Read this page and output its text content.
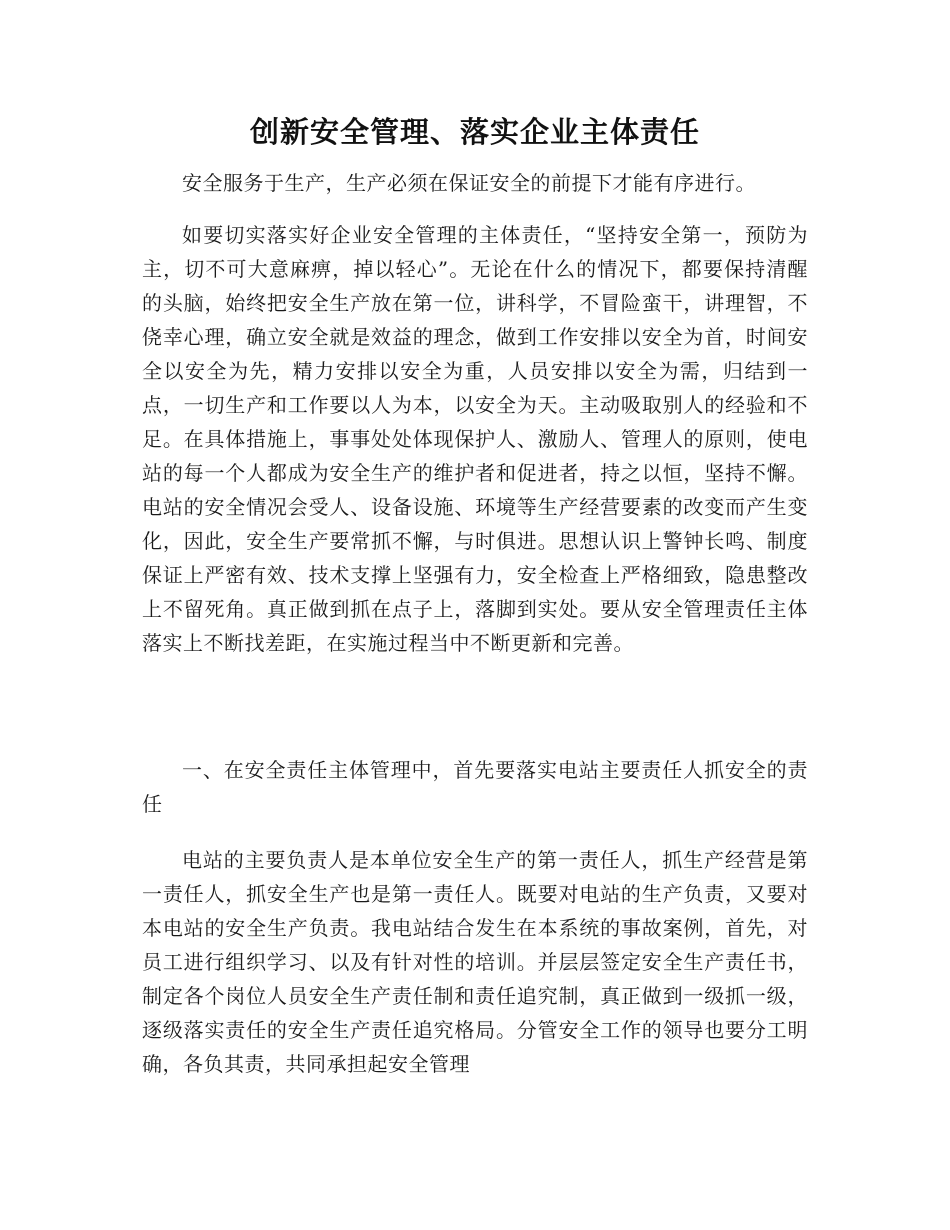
创新安全管理、落实企业主体责任

安全服务于生产，生产必须在保证安全的前提下才能有序进行。

如要切实落实好企业安全管理的主体责任，“坚持安全第一，预防为主，切不可大意麻痹，掉以轻心”。无论在什么的情况下，都要保持清醒的头脑，始终把安全生产放在第一位，讲科学，不冒险蛮干，讲理智，不侥幸心理，确立安全就是效益的理念，做到工作安排以安全为首，时间安全以安全为先，精力安排以安全为重，人员安排以安全为需，归结到一点，一切生产和工作要以人为本，以安全为天。主动吸取别人的经验和不足。在具体措施上，事事处处体现保护人、激励人、管理人的原则，使电站的每一个人都成为安全生产的维护者和促进者，持之以恒，坚持不懈。电站的安全情况会受人、设备设施、环境等生产经营要素的改变而产生变化，因此，安全生产要常抓不懈，与时俱进。思想认识上警钟长鸣、制度保证上严密有效、技术支撑上坚强有力，安全检查上严格细致，隐患整改上不留死角。真正做到抓在点子上，落脚到实处。要从安全管理责任主体落实上不断找差距，在实施过程当中不断更新和完善。

一、在安全责任主体管理中，首先要落实电站主要责任人抓安全的责任

电站的主要负责人是本单位安全生产的第一责任人，抓生产经营是第一责任人，抓安全生产也是第一责任人。既要对电站的生产负责，又要对本电站的安全生产负责。我电站结合发生在本系统的事故案例，首先，对员工进行组织学习、以及有针对性的培训。并层层签定安全生产责任书，制定各个岗位人员安全生产责任制和责任追究制，真正做到一级抓一级，逐级落实责任的安全生产责任追究格局。分管安全工作的领导也要分工明确，各负其责，共同承担起安全管理
